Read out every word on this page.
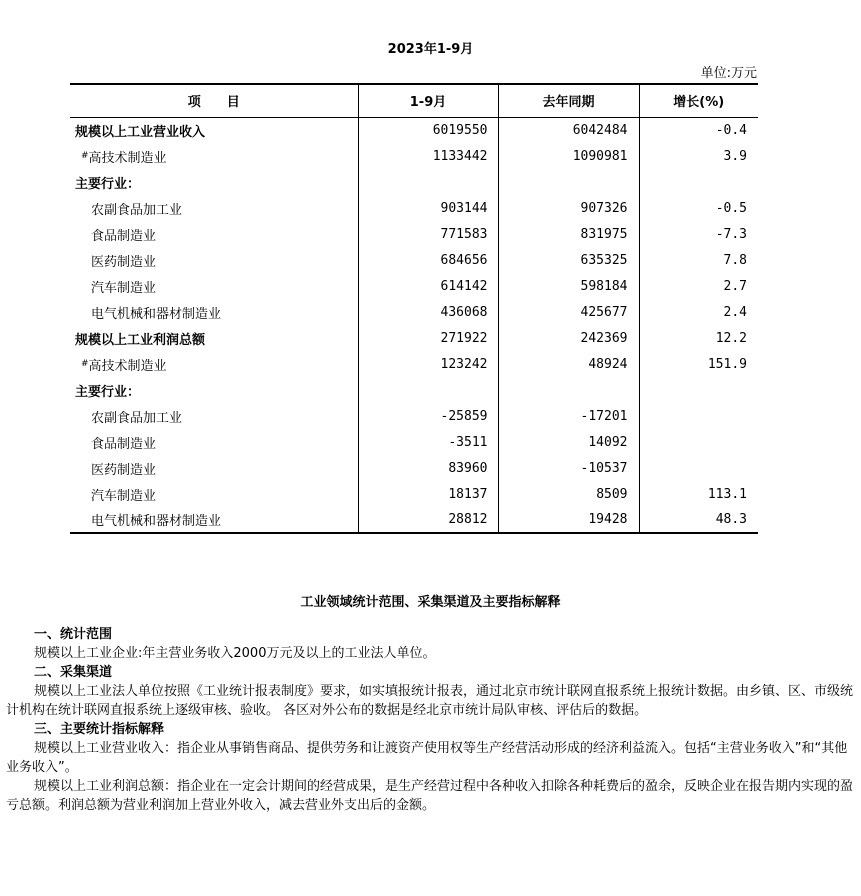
2023年1-9月
单位:万元
项　　目	1-9月	去年同期	增长(%)
规模以上工业营业收入	6019550	6042484	-0.4
#高技术制造业	1133442	1090981	3.9
主要行业：			
农副食品加工业	903144	907326	-0.5
食品制造业	771583	831975	-7.3
医药制造业	684656	635325	7.8
汽车制造业	614142	598184	2.7
电气机械和器材制造业	436068	425677	2.4
规模以上工业利润总额	271922	242369	12.2
#高技术制造业	123242	48924	151.9
主要行业：			
农副食品加工业	-25859	-17201	
食品制造业	-3511	14092	
医药制造业	83960	-10537	
汽车制造业	18137	8509	113.1
电气机械和器材制造业	28812	19428	48.3
工业领域统计范围、采集渠道及主要指标解释

一、统计范围

规模以上工业企业:年主营业务收入2000万元及以上的工业法人单位。

二、采集渠道

规模以上工业法人单位按照《工业统计报表制度》要求，如实填报统计报表，通过北京市统计联网直报系统上报统计数据。由乡镇、区、市级统计机构在统计联网直报系统上逐级审核、验收。 各区对外公布的数据是经北京市统计局队审核、评估后的数据。

三、主要统计指标解释

规模以上工业营业收入：指企业从事销售商品、提供劳务和让渡资产使用权等生产经营活动形成的经济利益流入。包括“主营业务收入”和“其他业务收入”。

规模以上工业利润总额：指企业在一定会计期间的经营成果，是生产经营过程中各种收入扣除各种耗费后的盈余，反映企业在报告期内实现的盈亏总额。利润总额为营业利润加上营业外收入，减去营业外支出后的金额。
